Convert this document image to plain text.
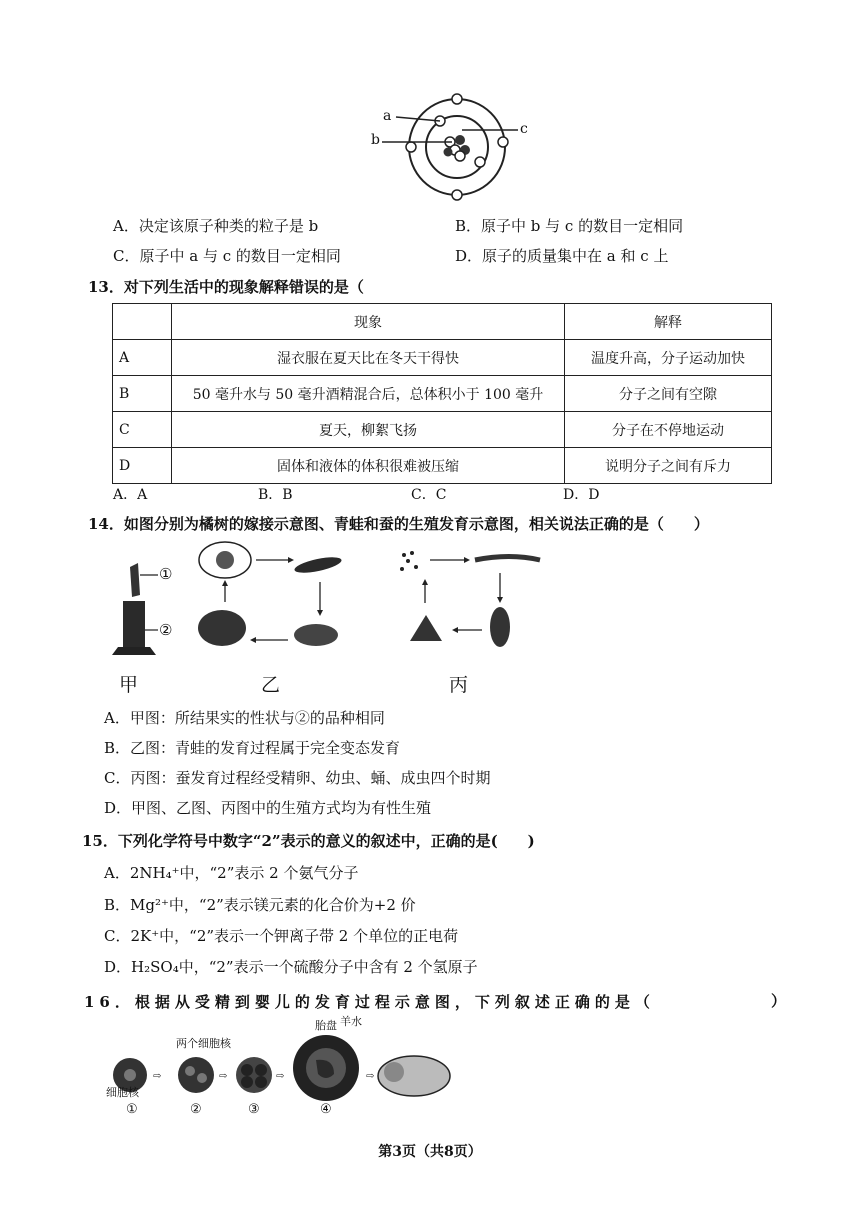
a
b
c
A．决定该原子种类的粒子是 b	B．原子中 b 与 c 的数目一定相同
C．原子中 a 与 c 的数目一定相同	D．原子的质量集中在 a 和 c 上
13．对下列生活中的现象解释错误的是（
	现象	解释
A	湿衣服在夏天比在冬天干得快	温度升高，分子运动加快
B	50 毫升水与 50 毫升酒精混合后，总体积小于 100 毫升	分子之间有空隙
C	夏天，柳絮飞扬	分子在不停地运动
D	固体和液体的体积很难被压缩	说明分子之间有斥力
A．A	B．B	C．C	D．D
14．如图分别为橘树的嫁接示意图、青蛙和蚕的生殖发育示意图，相关说法正确的是（　　）
①
②
甲	乙	丙
A．甲图：所结果实的性状与②的品种相同
B．乙图：青蛙的发育过程属于完全变态发育
C．丙图：蚕发育过程经受精卵、幼虫、蛹、成虫四个时期
D．甲图、乙图、丙图中的生殖方式均为有性生殖
15．下列化学符号中数字“2”表示的意义的叙述中，正确的是(　　)
A．2NH₄⁺中，“2”表示 2 个氨气分子
B．Mg²⁺中，“2”表示镁元素的化合价为+2 价
C．2K⁺中，“2”表示一个钾离子带 2 个单位的正电荷
D．H₂SO₄中，“2”表示一个硫酸分子中含有 2 个氢原子
16．根据从受精到婴儿的发育过程示意图，下列叙述正确的是（	）
⇨	⇨	⇨	⇨
两个细胞核
胎盘 羊水
细胞核
①	②	③	④
第3页（共8页）
